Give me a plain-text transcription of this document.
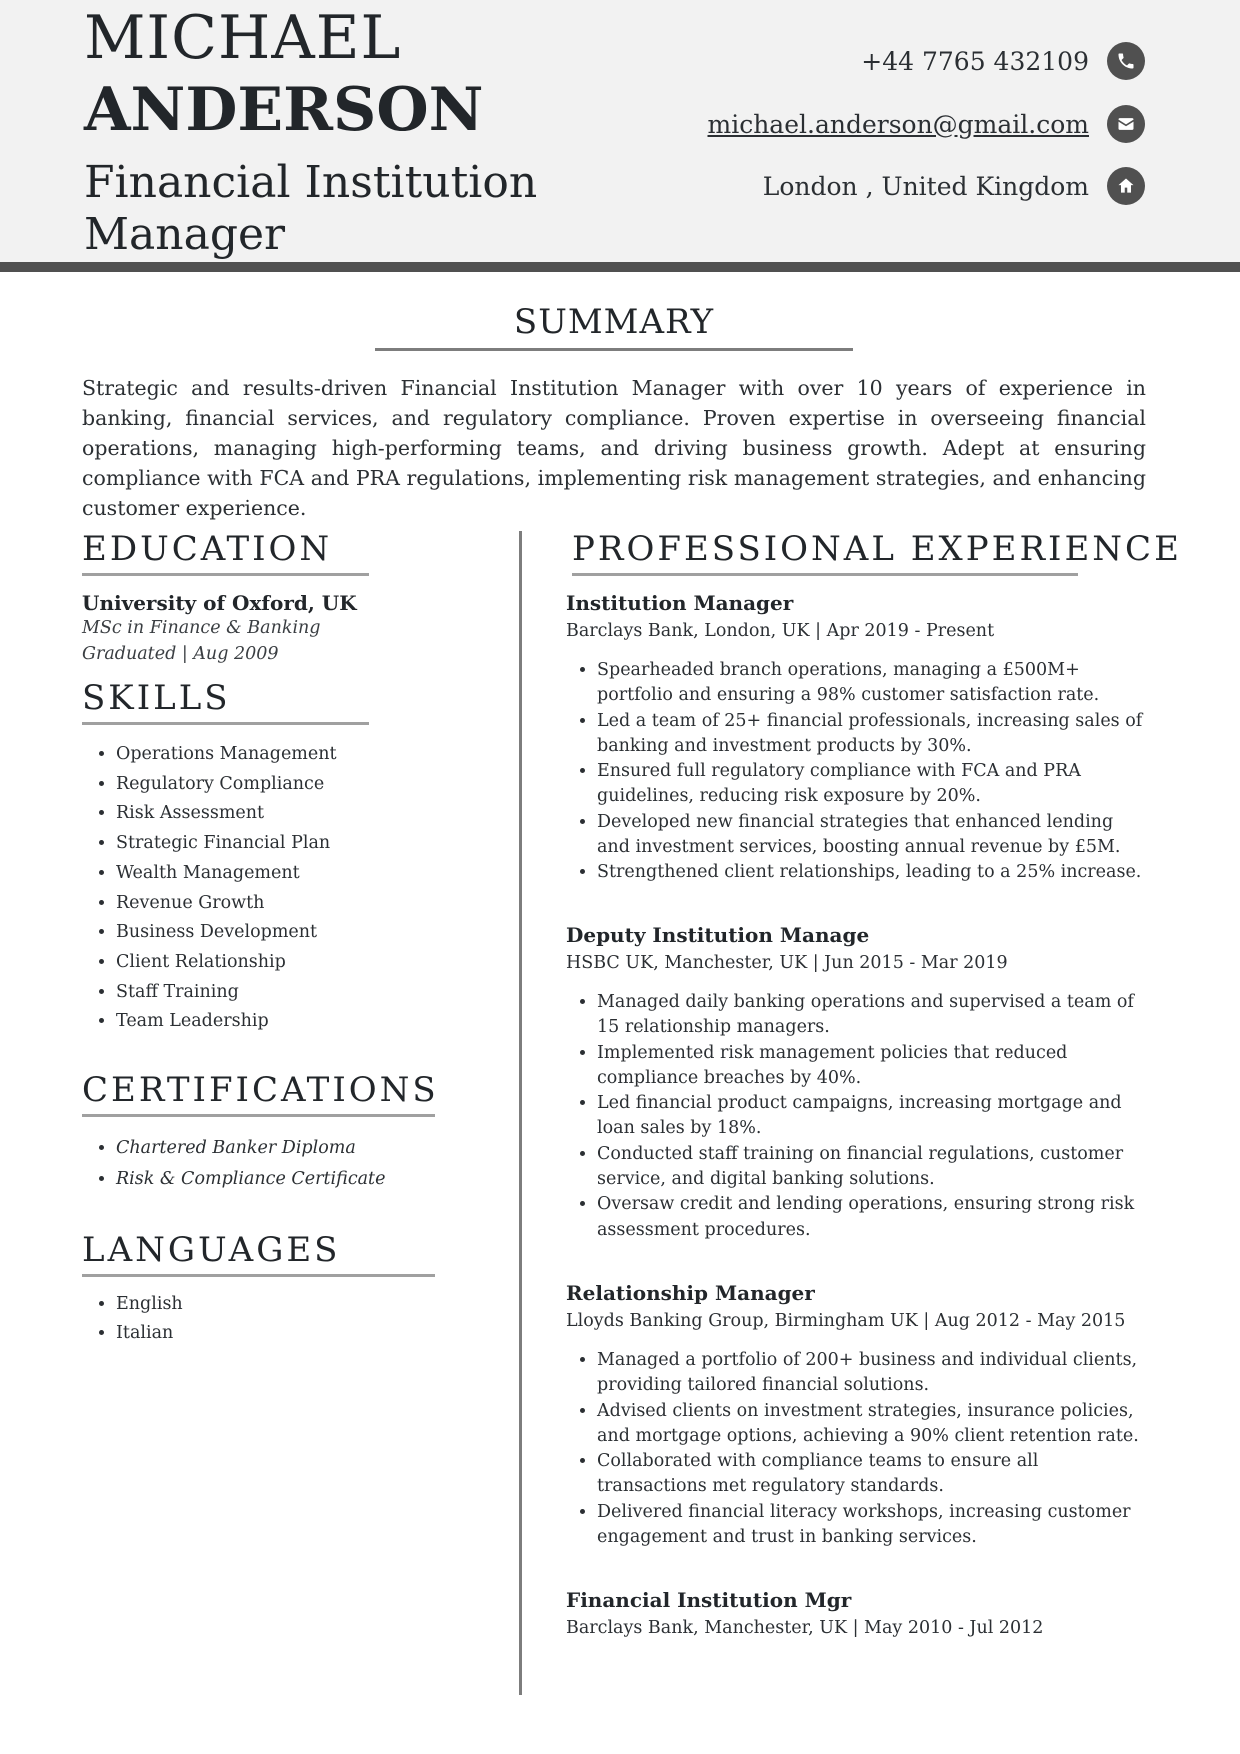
MICHAEL
ANDERSON
Financial Institution Manager
+44 7765 432109
michael.anderson@gmail.com
London , United Kingdom
SUMMARY
Strategic and results-driven Financial Institution Manager with over 10 years of experience in banking, financial services, and regulatory compliance. Proven expertise in overseeing financial operations, managing high-performing teams, and driving business growth. Adept at ensuring compliance with FCA and PRA regulations, implementing risk management strategies, and enhancing customer experience.
EDUCATION
University of Oxford, UK
MSc in Finance & Banking
Graduated | Aug 2009
SKILLS
• Operations Management
• Regulatory Compliance
• Risk Assessment
• Strategic Financial Plan
• Wealth Management
• Revenue Growth
• Business Development
• Client Relationship
• Staff Training
• Team Leadership
CERTIFICATIONS
• Chartered Banker Diploma
• Risk & Compliance Certificate
LANGUAGES
• English
• Italian
PROFESSIONAL EXPERIENCE
Institution Manager
Barclays Bank, London, UK | Apr 2019 - Present
• Spearheaded branch operations, managing a £500M+ portfolio and ensuring a 98% customer satisfaction rate.
• Led a team of 25+ financial professionals, increasing sales of banking and investment products by 30%.
• Ensured full regulatory compliance with FCA and PRA guidelines, reducing risk exposure by 20%.
• Developed new financial strategies that enhanced lending and investment services, boosting annual revenue by £5M.
• Strengthened client relationships, leading to a 25% increase.
Deputy Institution Manage
HSBC UK, Manchester, UK | Jun 2015 - Mar 2019
• Managed daily banking operations and supervised a team of 15 relationship managers.
• Implemented risk management policies that reduced compliance breaches by 40%.
• Led financial product campaigns, increasing mortgage and loan sales by 18%.
• Conducted staff training on financial regulations, customer service, and digital banking solutions.
• Oversaw credit and lending operations, ensuring strong risk assessment procedures.
Relationship Manager
Lloyds Banking Group, Birmingham UK | Aug 2012 - May 2015
• Managed a portfolio of 200+ business and individual clients, providing tailored financial solutions.
• Advised clients on investment strategies, insurance policies, and mortgage options, achieving a 90% client retention rate.
• Collaborated with compliance teams to ensure all transactions met regulatory standards.
• Delivered financial literacy workshops, increasing customer engagement and trust in banking services.
Financial Institution Mgr
Barclays Bank, Manchester, UK | May 2010 - Jul 2012
